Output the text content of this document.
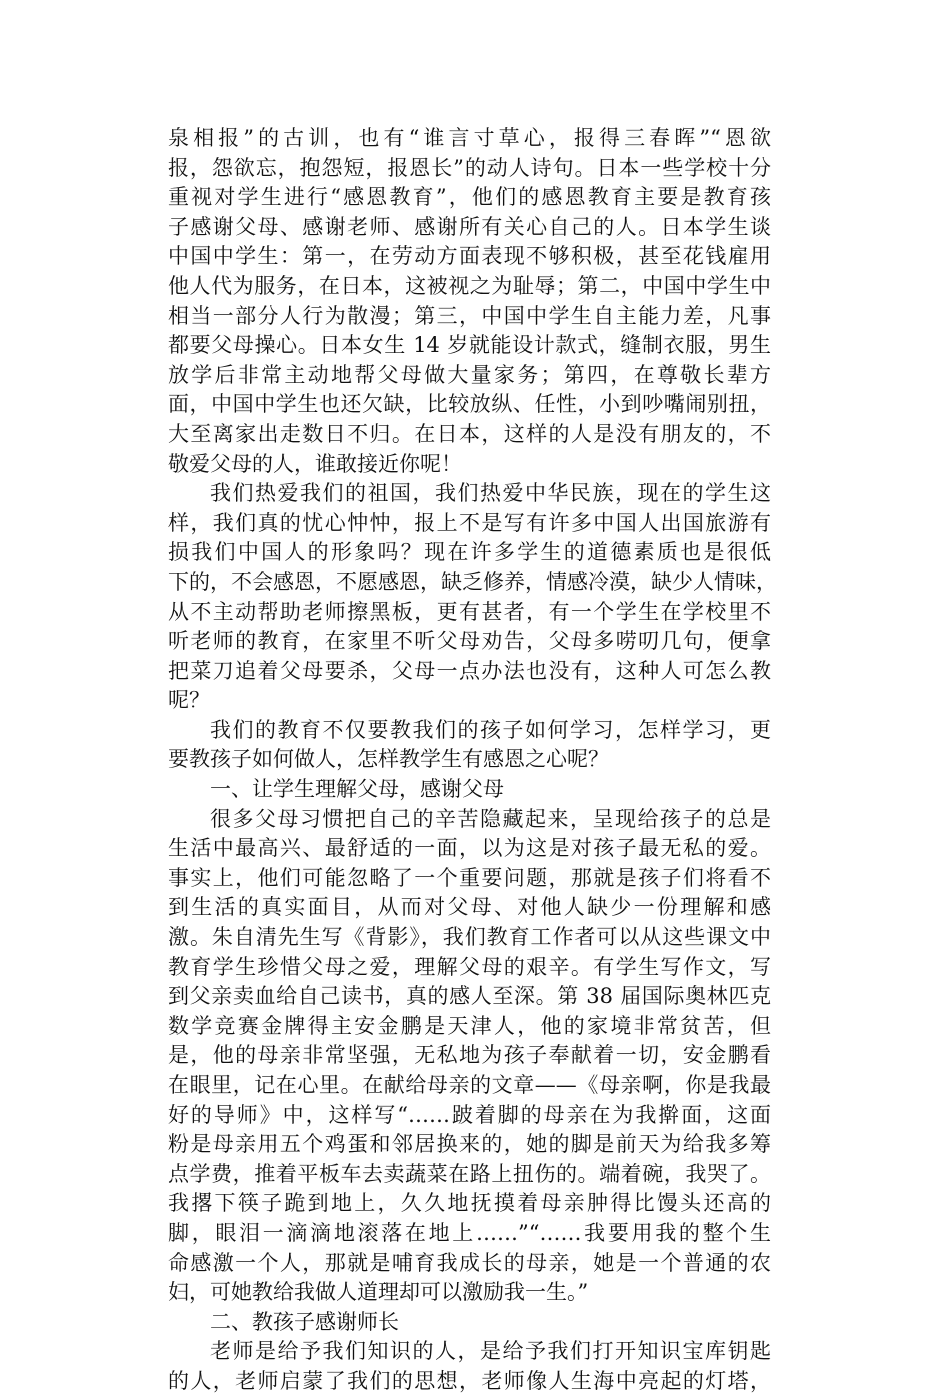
泉相报”的古训，也有“谁言寸草心，报得三春晖”“恩欲
报，怨欲忘，抱怨短，报恩长”的动人诗句。日本一些学校十分
重视对学生进行“感恩教育”，他们的感恩教育主要是教育孩
子感谢父母、感谢老师、感谢所有关心自己的人。日本学生谈
中国中学生：第一，在劳动方面表现不够积极，甚至花钱雇用
他人代为服务，在日本，这被视之为耻辱；第二，中国中学生中
相当一部分人行为散漫；第三，中国中学生自主能力差，凡事
都要父母操心。日本女生 14 岁就能设计款式，缝制衣服，男生
放学后非常主动地帮父母做大量家务；第四，在尊敬长辈方
面，中国中学生也还欠缺，比较放纵、任性，小到吵嘴闹别扭，
大至离家出走数日不归。在日本，这样的人是没有朋友的，不
敬爱父母的人，谁敢接近你呢！
我们热爱我们的祖国，我们热爱中华民族，现在的学生这
样，我们真的忧心忡忡，报上不是写有许多中国人出国旅游有
损我们中国人的形象吗？现在许多学生的道德素质也是很低
下的，不会感恩，不愿感恩，缺乏修养，情感冷漠，缺少人情味，
从不主动帮助老师擦黑板，更有甚者，有一个学生在学校里不
听老师的教育，在家里不听父母劝告，父母多唠叨几句，便拿
把菜刀追着父母要杀，父母一点办法也没有，这种人可怎么教
呢？
我们的教育不仅要教我们的孩子如何学习，怎样学习，更
要教孩子如何做人，怎样教学生有感恩之心呢？
一、让学生理解父母，感谢父母
很多父母习惯把自己的辛苦隐藏起来，呈现给孩子的总是
生活中最高兴、最舒适的一面，以为这是对孩子最无私的爱。
事实上，他们可能忽略了一个重要问题，那就是孩子们将看不
到生活的真实面目，从而对父母、对他人缺少一份理解和感
激。朱自清先生写《背影》，我们教育工作者可以从这些课文中
教育学生珍惜父母之爱，理解父母的艰辛。有学生写作文，写
到父亲卖血给自己读书，真的感人至深。第 38 届国际奥林匹克
数学竞赛金牌得主安金鹏是天津人，他的家境非常贫苦，但
是，他的母亲非常坚强，无私地为孩子奉献着一切，安金鹏看
在眼里，记在心里。在献给母亲的文章——《母亲啊，你是我最
好的导师》中，这样写“……跛着脚的母亲在为我擀面，这面
粉是母亲用五个鸡蛋和邻居换来的，她的脚是前天为给我多筹
点学费，推着平板车去卖蔬菜在路上扭伤的。端着碗，我哭了。
我撂下筷子跪到地上，久久地抚摸着母亲肿得比馒头还高的
脚，眼泪一滴滴地滚落在地上……”“……我要用我的整个生
命感激一个人，那就是哺育我成长的母亲，她是一个普通的农
妇，可她教给我做人道理却可以激励我一生。”
二、教孩子感谢师长
老师是给予我们知识的人，是给予我们打开知识宝库钥匙
的人，老师启蒙了我们的思想，老师像人生海中亮起的灯塔，
